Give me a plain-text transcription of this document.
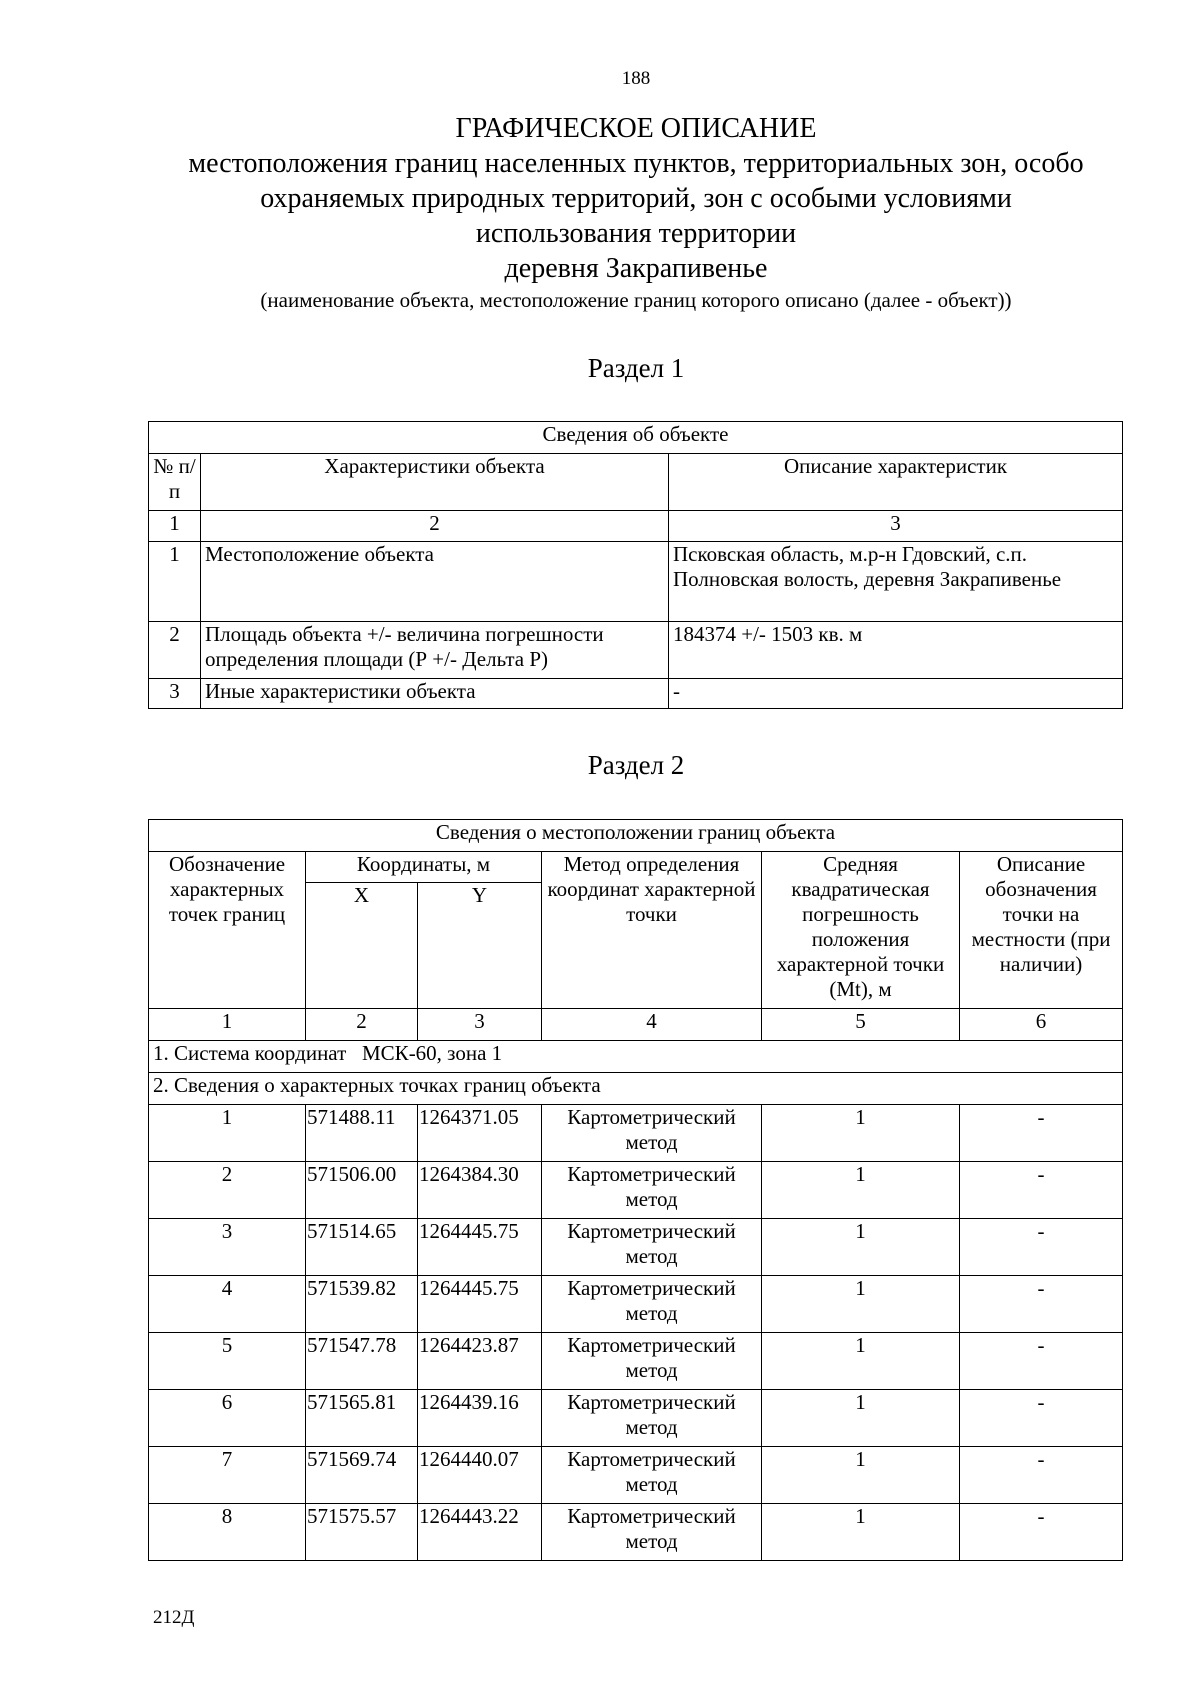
188
ГРАФИЧЕСКОЕ ОПИСАНИЕ
местоположения границ населенных пунктов, территориальных зон, особо
охраняемых природных территорий, зон с особыми условиями
использования территории
деревня Закрапивенье
(наименование объекта, местоположение границ которого описано (далее - объект))
Раздел 1
Сведения об объекте		
№ п/п	Характеристики объекта	Описание характеристик
1	2	3
1	Местоположение объекта	Псковская область, м.р-н Гдовский, с.п. Полновская волость, деревня Закрапивенье
2	Площадь объекта +/- величина погрешности определения площади (Р +/- Дельта Р)	184374 +/- 1503 кв. м
3	Иные характеристики объекта	-
Раздел 2
Сведения о местоположении границ объекта					
Обозначение характерных точек границ	Координаты, м		Метод определения координат характерной точки	Средняя квадратическая погрешность положения характерной точки (Mt), м	Описание обозначения точки на местности (при наличии)
	X	Y			
1	2	3	4	5	6
1. Система координат   МСК-60, зона 1					
2. Сведения о характерных точках границ объекта					
1	571488.11	1264371.05	Картометрический метод	1	-
2	571506.00	1264384.30	Картометрический метод	1	-
3	571514.65	1264445.75	Картометрический метод	1	-
4	571539.82	1264445.75	Картометрический метод	1	-
5	571547.78	1264423.87	Картометрический метод	1	-
6	571565.81	1264439.16	Картометрический метод	1	-
7	571569.74	1264440.07	Картометрический метод	1	-
8	571575.57	1264443.22	Картометрический метод	1	-
212Д
